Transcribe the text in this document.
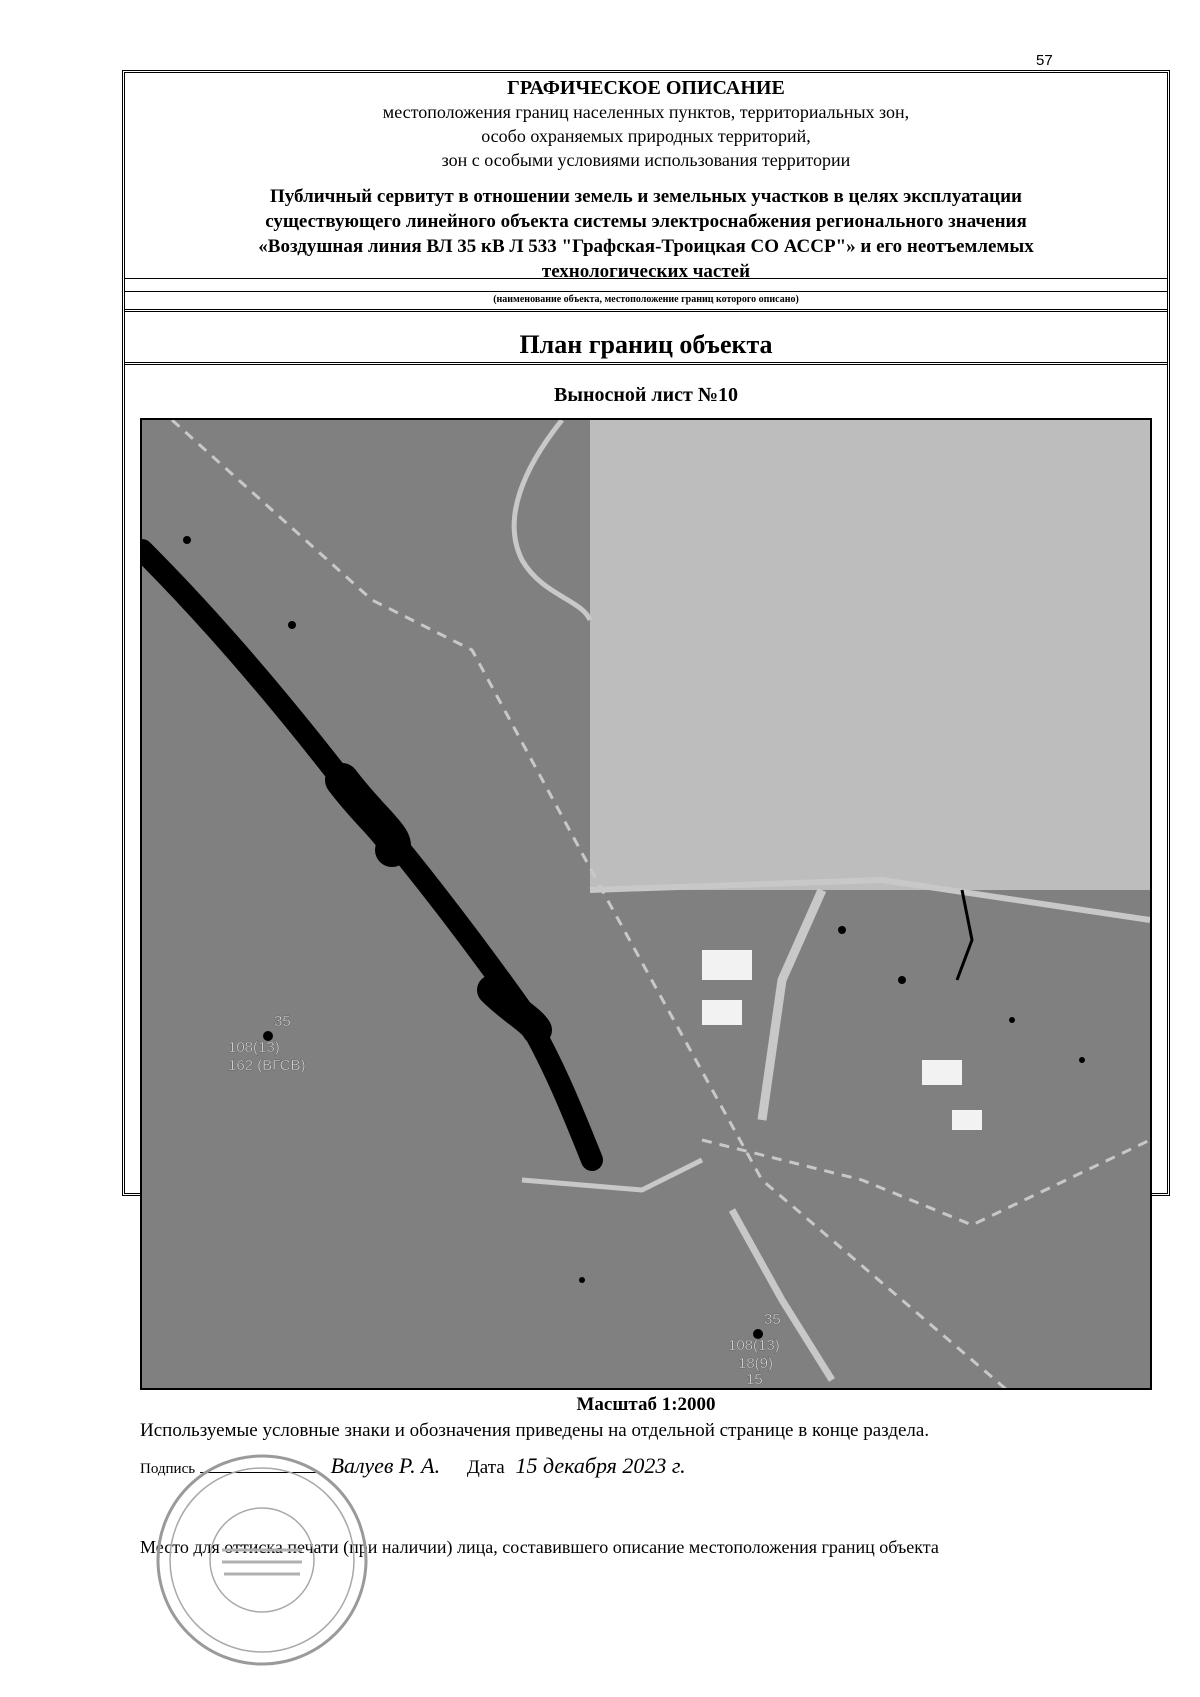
57
ГРАФИЧЕСКОЕ ОПИСАНИЕ
местоположения границ населенных пунктов, территориальных зон,
особо охраняемых природных территорий,
зон с особыми условиями использования территории
Публичный сервитут в отношении земель и земельных участков в целях эксплуатации
существующего линейного объекта системы электроснабжения регионального значения
«Воздушная линия ВЛ 35 кВ Л 533 "Графская-Троицкая СО АССР"» и его неотъемлемых
технологических частей
(наименование объекта, местоположение границ которого описано)
План границ объекта
Выносной лист №10
35
108(13)
162 (ВГСВ)
35
108(13)
18(9)
15
Масштаб 1:2000
Используемые условные знаки и обозначения приведены на отдельной странице в конце раздела.
Подпись	Валуев Р. А. Дата 15 декабря 2023 г.
Место для оттиска печати (при наличии) лица, составившего описание местоположения границ объекта
